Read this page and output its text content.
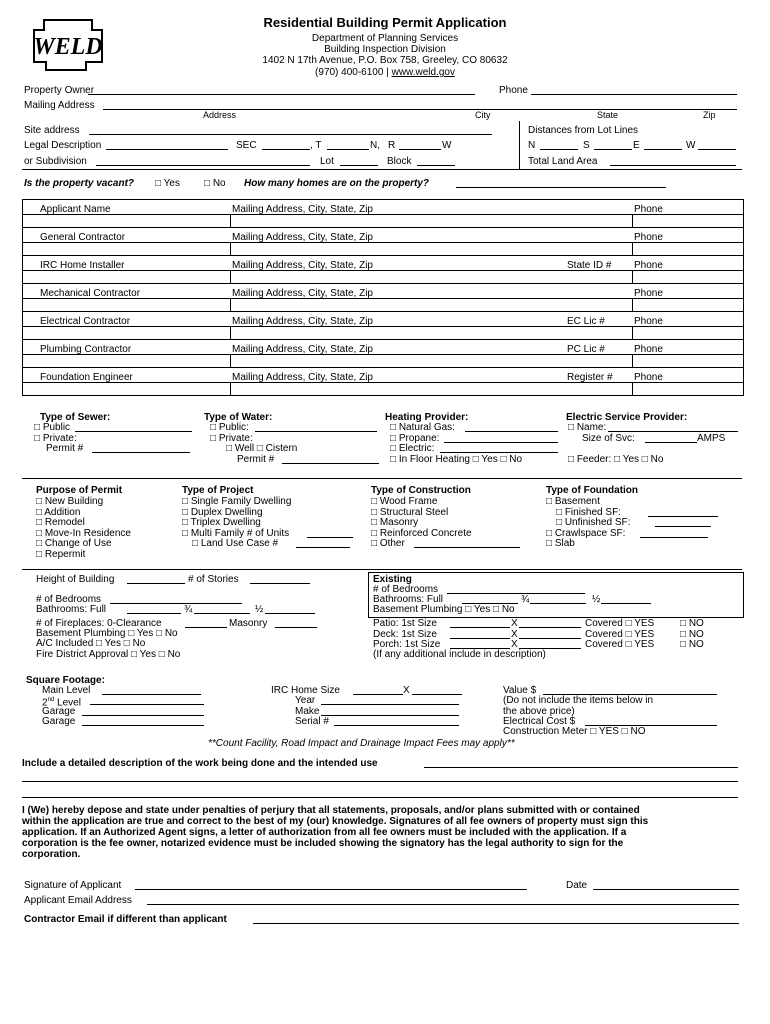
WELD
Residential Building Permit Application
Department of Planning Services
Building Inspection Division
1402 N 17th Avenue, P.O. Box 758, Greeley, CO 80632
(970) 400-6100 | www.weld.gov
Property Owner	Phone
Mailing Address
Address	City	State	Zip
Site address
Legal Description	SEC	, T	N, R	W
or Subdivision	Lot	Block
Distances from Lot Lines
N	S	E	W
Total Land Area
Is the property vacant? □ Yes □ No How many homes are on the property?
Applicant Name	Mailing Address, City, State, Zip	Phone
General Contractor	Mailing Address, City, State, Zip	Phone
IRC Home Installer	Mailing Address, City, State, Zip	State ID # Phone
Mechanical Contractor	Mailing Address, City, State, Zip	Phone
Electrical Contractor	Mailing Address, City, State, Zip	EC Lic #	Phone
Plumbing Contractor	Mailing Address, City, State, Zip	PC Lic #	Phone
Foundation Engineer	Mailing Address, City, State, Zip	Register # Phone
Type of Sewer:
□ Public
□ Private:
Permit #
Type of Water:
□ Public:
□ Private:
□ Well □ Cistern
Permit #
Heating Provider:
□ Natural Gas:
□ Propane:
□ Electric:
□ In Floor Heating □ Yes □ No
Electric Service Provider:
□ Name:
Size of Svc:	AMPS
□ Feeder: □ Yes □ No
Purpose of Permit
□ New Building
□ Addition
□ Remodel
□ Move-In Residence
□ Change of Use
□ Repermit
Type of Project
□ Single Family Dwelling
□ Duplex Dwelling
□ Triplex Dwelling
□ Multi Family # of Units
□ Land Use Case #
Type of Construction
□ Wood Frame
□ Structural Steel
□ Masonry
□ Reinforced Concrete
□ Other
Type of Foundation
□ Basement
□ Finished SF:
□ Unfinished SF:
□ Crawlspace SF:
□ Slab
Height of Building	# of Stories
# of Bedrooms
Bathrooms: Full	¾	½
# of Fireplaces: 0-Clearance	Masonry
Basement Plumbing □ Yes □ No
A/C Included □ Yes □ No
Fire District Approval □ Yes □ No
Existing
# of Bedrooms
Bathrooms: Full	¾	½
Basement Plumbing □ Yes □ No
Patio: 1st Size	X	Covered □ YES	□ NO
Deck: 1st Size	X	Covered □ YES	□ NO
Porch: 1st Size	X	Covered □ YES	□ NO
(If any additional include in description)
Square Footage:
Main Level
2nd Level
Garage
Garage
IRC Home Size	X
Year
Make
Serial #
Value $
(Do not include the items below in
the above price)
Electrical Cost $
Construction Meter □ YES □ NO
**Count Facility, Road Impact and Drainage Impact Fees may apply**
Include a detailed description of the work being done and the intended use
I (We) hereby depose and state under penalties of perjury that all statements, proposals, and/or plans submitted with or contained
within the application are true and correct to the best of my (our) knowledge. Signatures of all fee owners of property must sign this
application. If an Authorized Agent signs, a letter of authorization from all fee owners must be included with the application. If a
corporation is the fee owner, notarized evidence must be included showing the signatory has the legal authority to sign for the
corporation.
Signature of Applicant	Date
Applicant Email Address
Contractor Email if different than applicant
